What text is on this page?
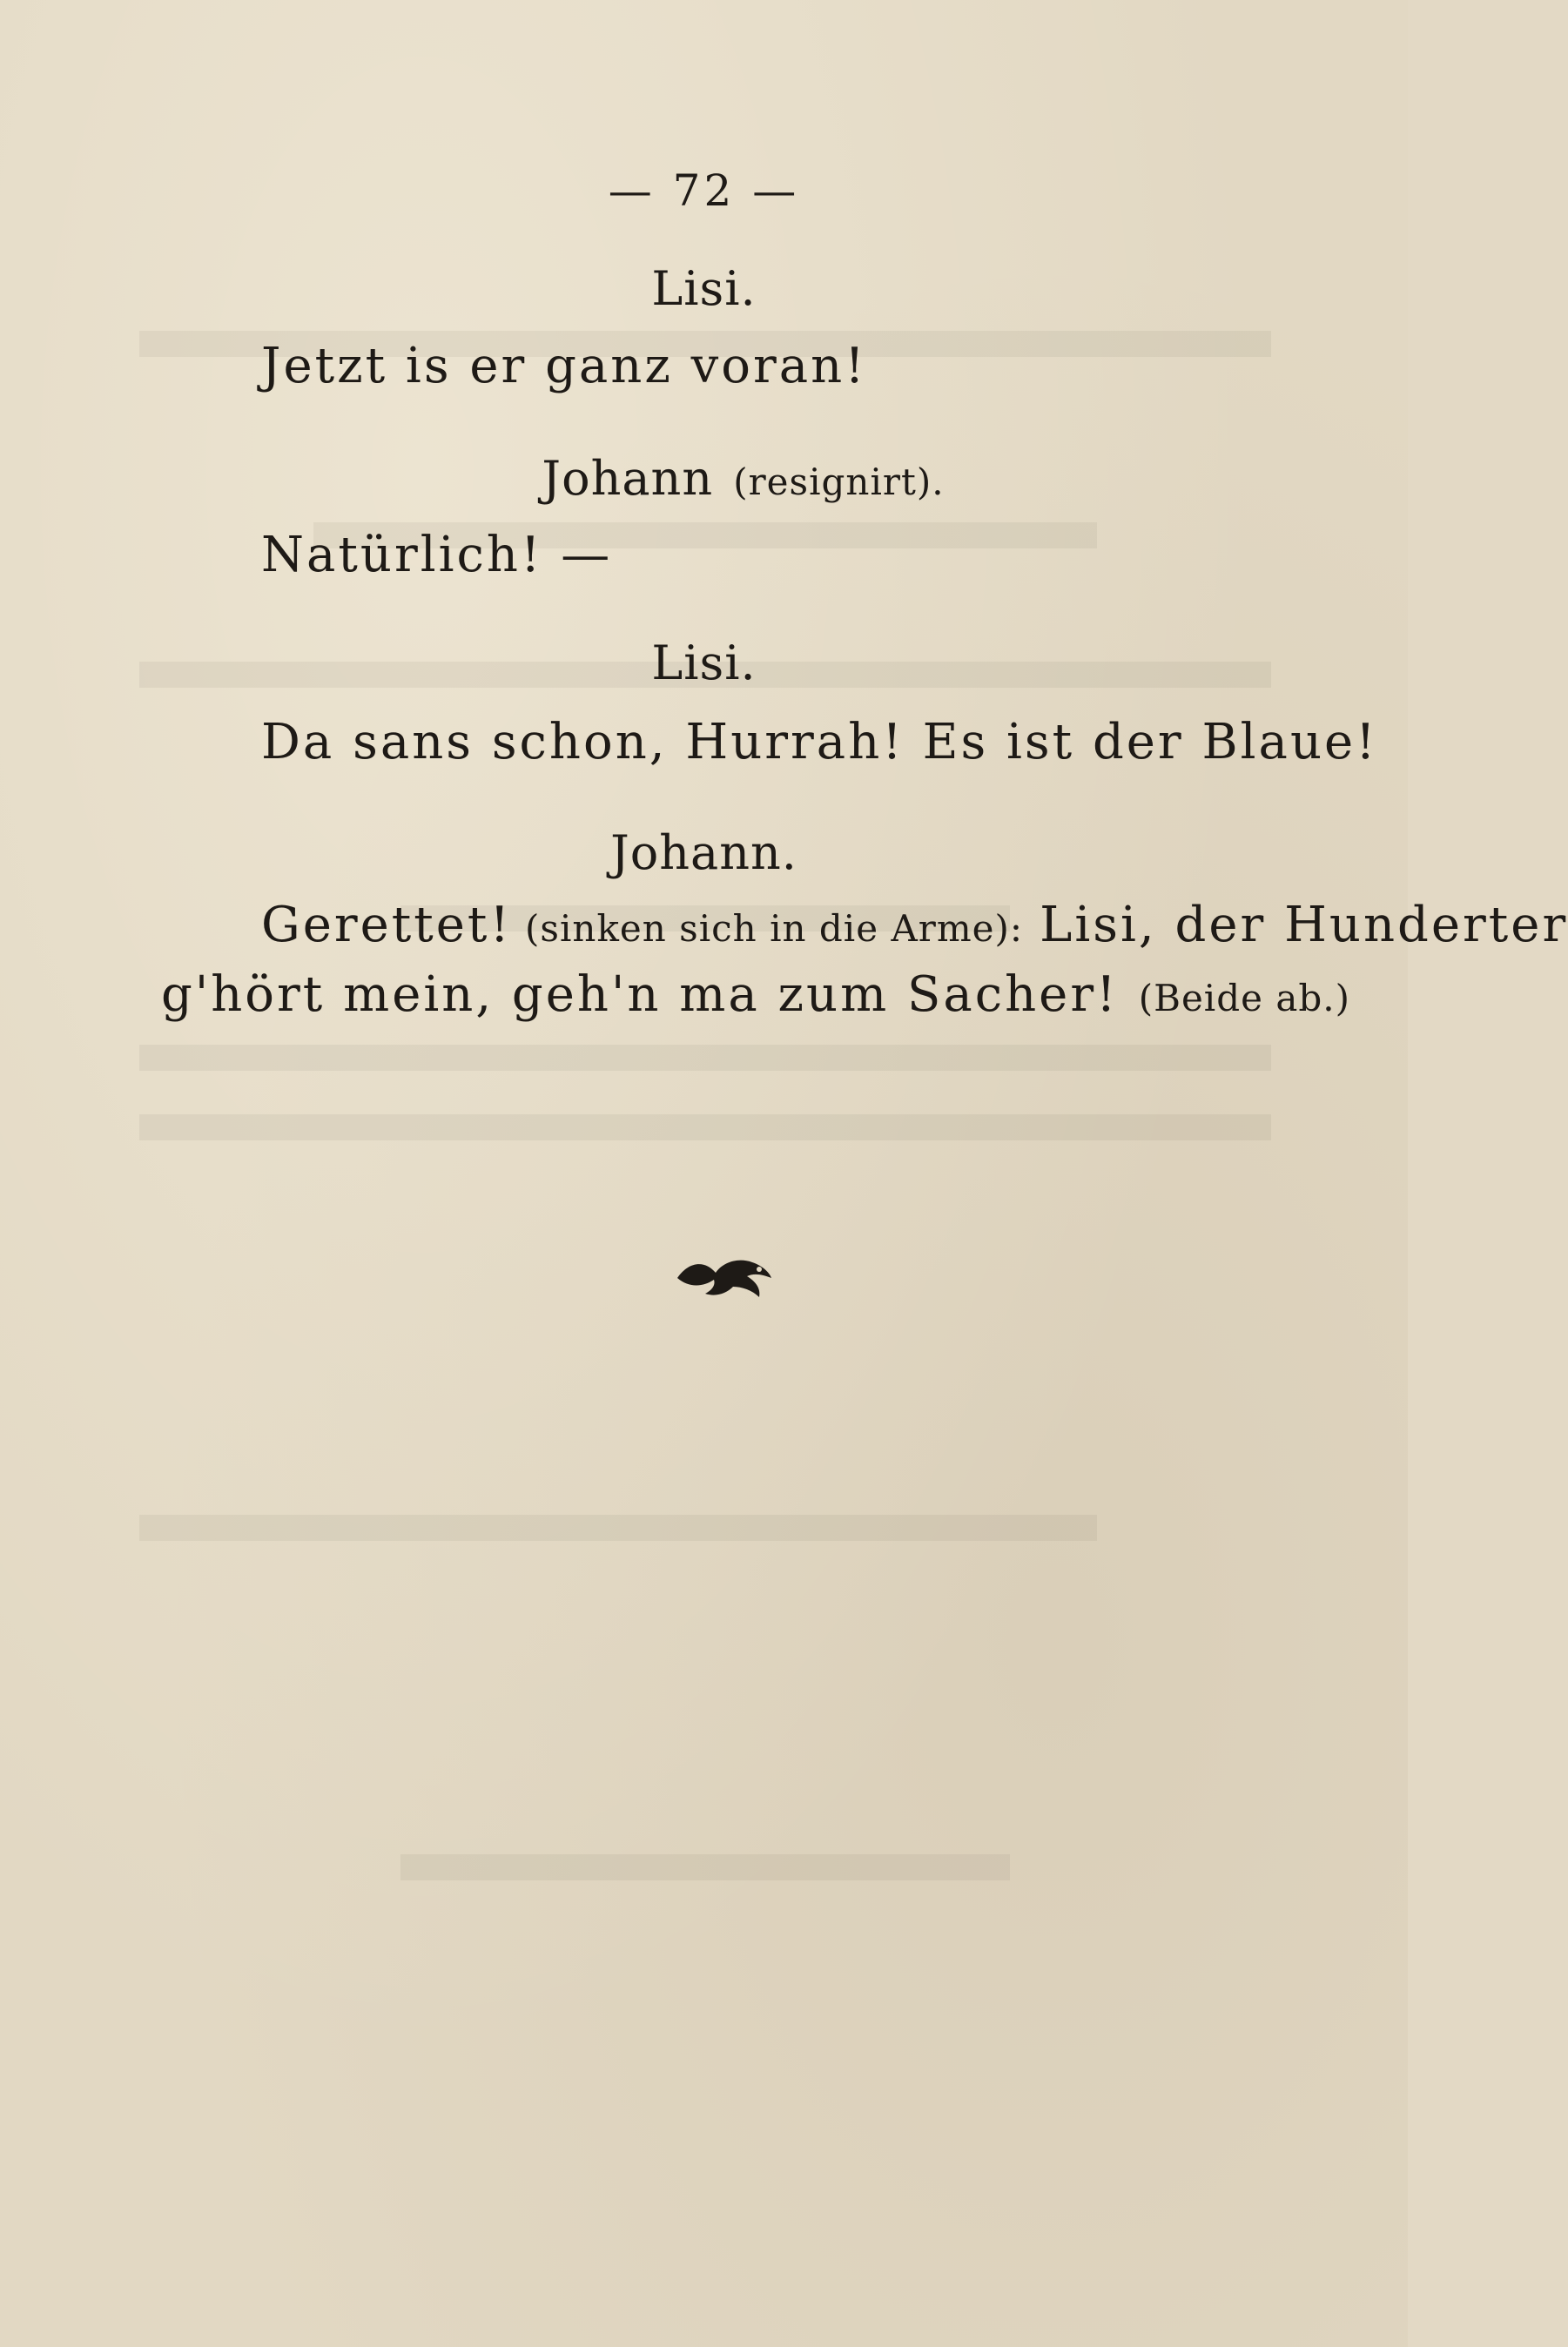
— 72 —
Lisi.
Jetzt is er ganz voran!
Johann (resignirt).
Natürlich! —
Lisi.
Da sans schon, Hurrah! Es ist der Blaue!
Johann.
Gerettet! (sinken sich in die Arme): Lisi, der Hunderter
g'hört mein, geh'n ma zum Sacher! (Beide ab.)
